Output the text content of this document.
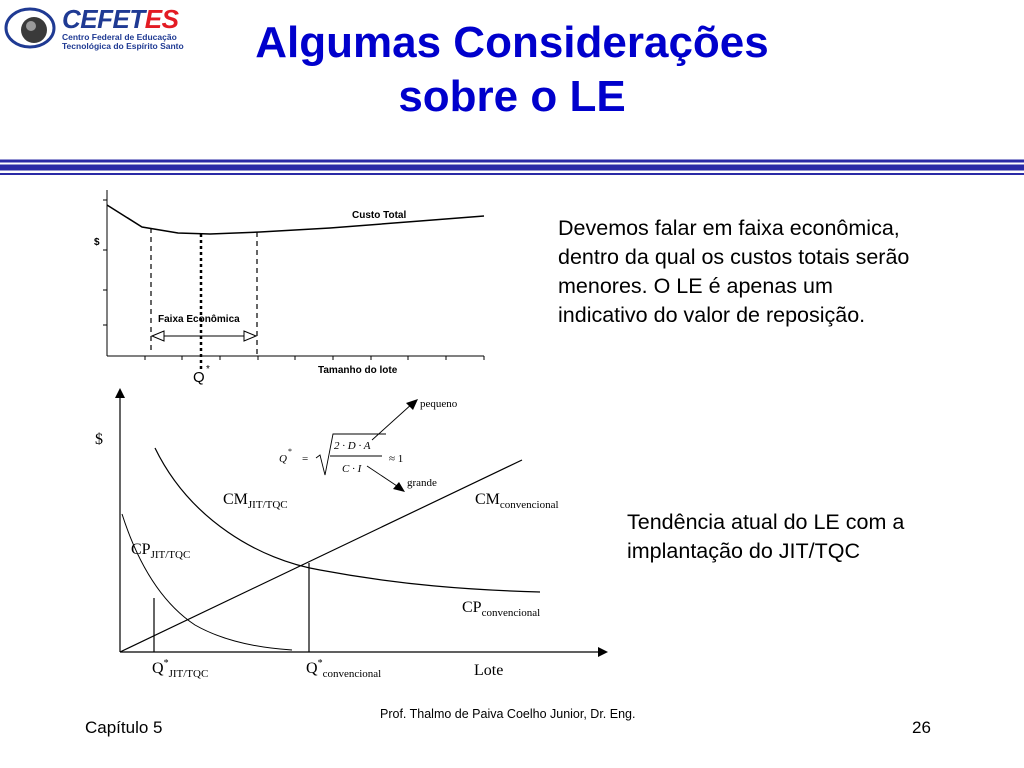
CEFETES
Centro Federal de Educação
Tecnológica do Espírito Santo	Algumas Considerações
sobre o LE
$
Custo Total
Faixa Econômica
Tamanho do lote
Q *
$
$CM_{JIT/TQC}$	$CM_{convencional}$
$CP_{JIT/TQC}$
$CP_{convencional}$
$Q^*_{JIT/TQC}$	$Q^*_{convencional}$	Lote
Q
*
=
2 · D · A
C · I
≈ 1
pequeno
grande
Devemos falar em faixa econômica, dentro da qual os custos totais serão menores. O LE é apenas um indicativo do valor de reposição.
Tendência atual do LE com a implantação do JIT/TQC
Capítulo 5
Prof. Thalmo de Paiva Coelho Junior, Dr. Eng.
26
